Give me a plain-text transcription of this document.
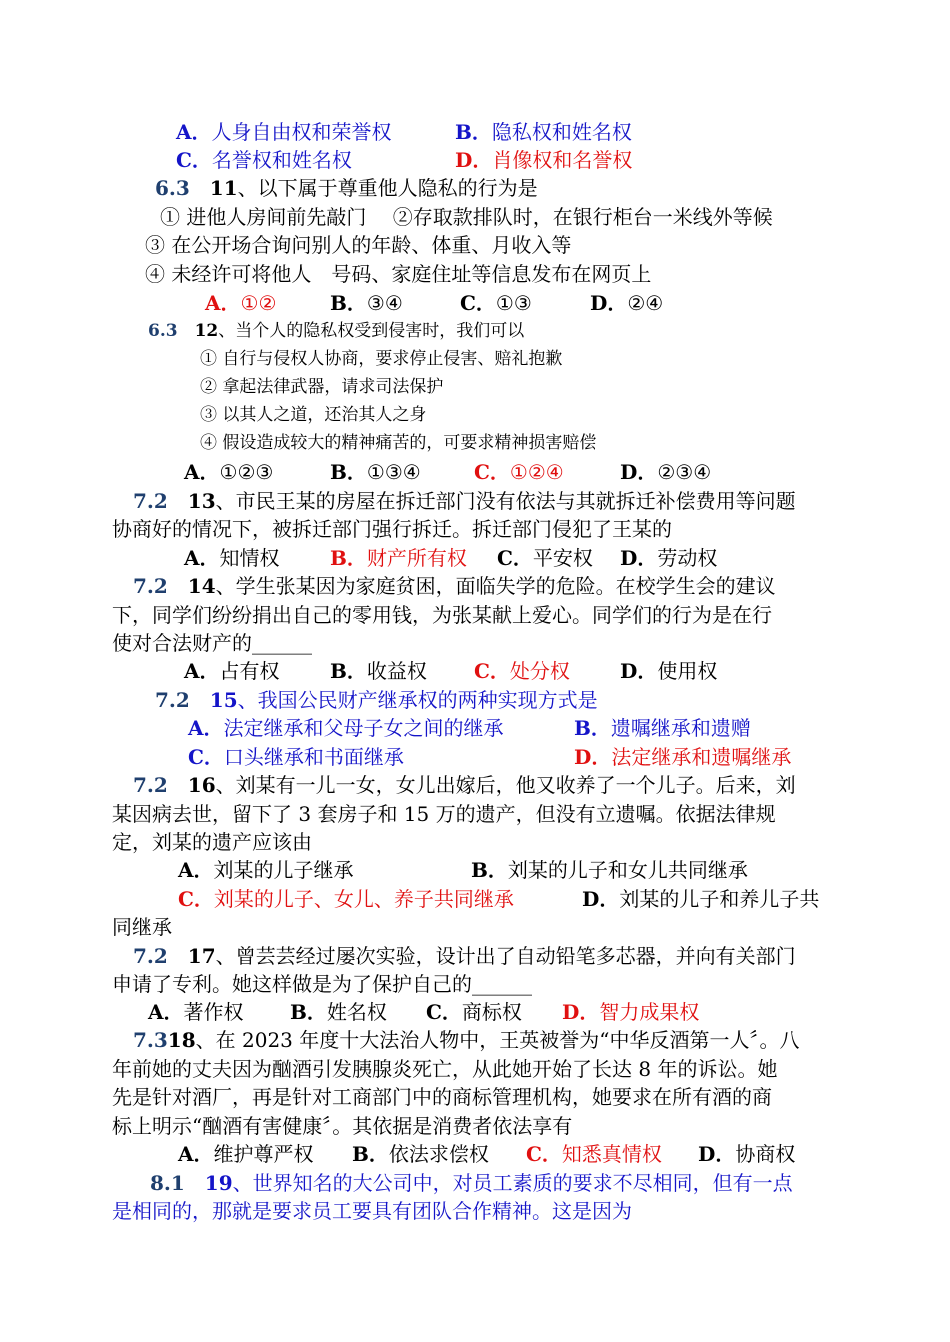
A．人身自由权和荣誉权	B．隐私权和姓名权
C．名誉权和姓名权	D．肖像权和名誉权
6.3　 11、以下属于尊重他人隐私的行为是
① 进他人房间前先敲门　 ②存取款排队时，在银行柜台一米线外等候
③ 在公开场合询问别人的年龄、体重、月收入等
④ 未经许可将他人　号码、家庭住址等信息发布在网页上
A．①②	B．③④	C．①③	D．②④
6.3　 12、当个人的隐私权受到侵害时，我们可以
① 自行与侵权人协商，要求停止侵害、赔礼抱歉
② 拿起法律武器，请求司法保护
③ 以其人之道，还治其人之身
④ 假设造成较大的精神痛苦的，可要求精神损害赔偿
A．①②③	B．①③④	C．①②④	D．②③④
7.2　 13、市民王某的房屋在拆迁部门没有依法与其就拆迁补偿费用等问题
协商好的情况下，被拆迁部门强行拆迁。拆迁部门侵犯了王某的
A．知情权	B．财产所有权 C．平安权 D．劳动权
7.2　 14、学生张某因为家庭贫困，面临失学的危险。在校学生会的建议
下，同学们纷纷捐出自己的零用钱，为张某献上爱心。同学们的行为是在行
使对合法财产的______
A．占有权	B．收益权 C．处分权	D．使用权
7.2　 15、我国公民财产继承权的两种实现方式是
A．法定继承和父母子女之间的继承	B．遗嘱继承和遗赠
C．口头继承和书面继承	D．法定继承和遗嘱继承
7.2　 16、刘某有一儿一女，女儿出嫁后，他又收养了一个儿子。后来，刘
某因病去世，留下了 3 套房子和 15 万的遗产，但没有立遗嘱。依据法律规
定，刘某的遗产应该由
A．刘某的儿子继承	B．刘某的儿子和女儿共同继承
C．刘某的儿子、女儿、养子共同继承	D．刘某的儿子和养儿子共
同继承
7.2　 17、曾芸芸经过屡次实验，设计出了自动铅笔多芯器，并向有关部门
申请了专利。她这样做是为了保护自己的______
A．著作权 B．姓名权 C．商标权 D．智力成果权
7.318、在 2023 年度十大法治人物中，王英被誉为“中华反酒第一人〞。八
年前她的丈夫因为酗酒引发胰腺炎死亡，从此她开始了长达 8 年的诉讼。她
先是针对酒厂，再是针对工商部门中的商标管理机构，她要求在所有酒的商
标上明示“酗酒有害健康〞。其依据是消费者依法享有
A．维护尊严权 B．依法求偿权 C．知悉真情权 D．协商权
8.1　 19、世界知名的大公司中，对员工素质的要求不尽相同，但有一点
是相同的，那就是要求员工要具有团队合作精神。这是因为
